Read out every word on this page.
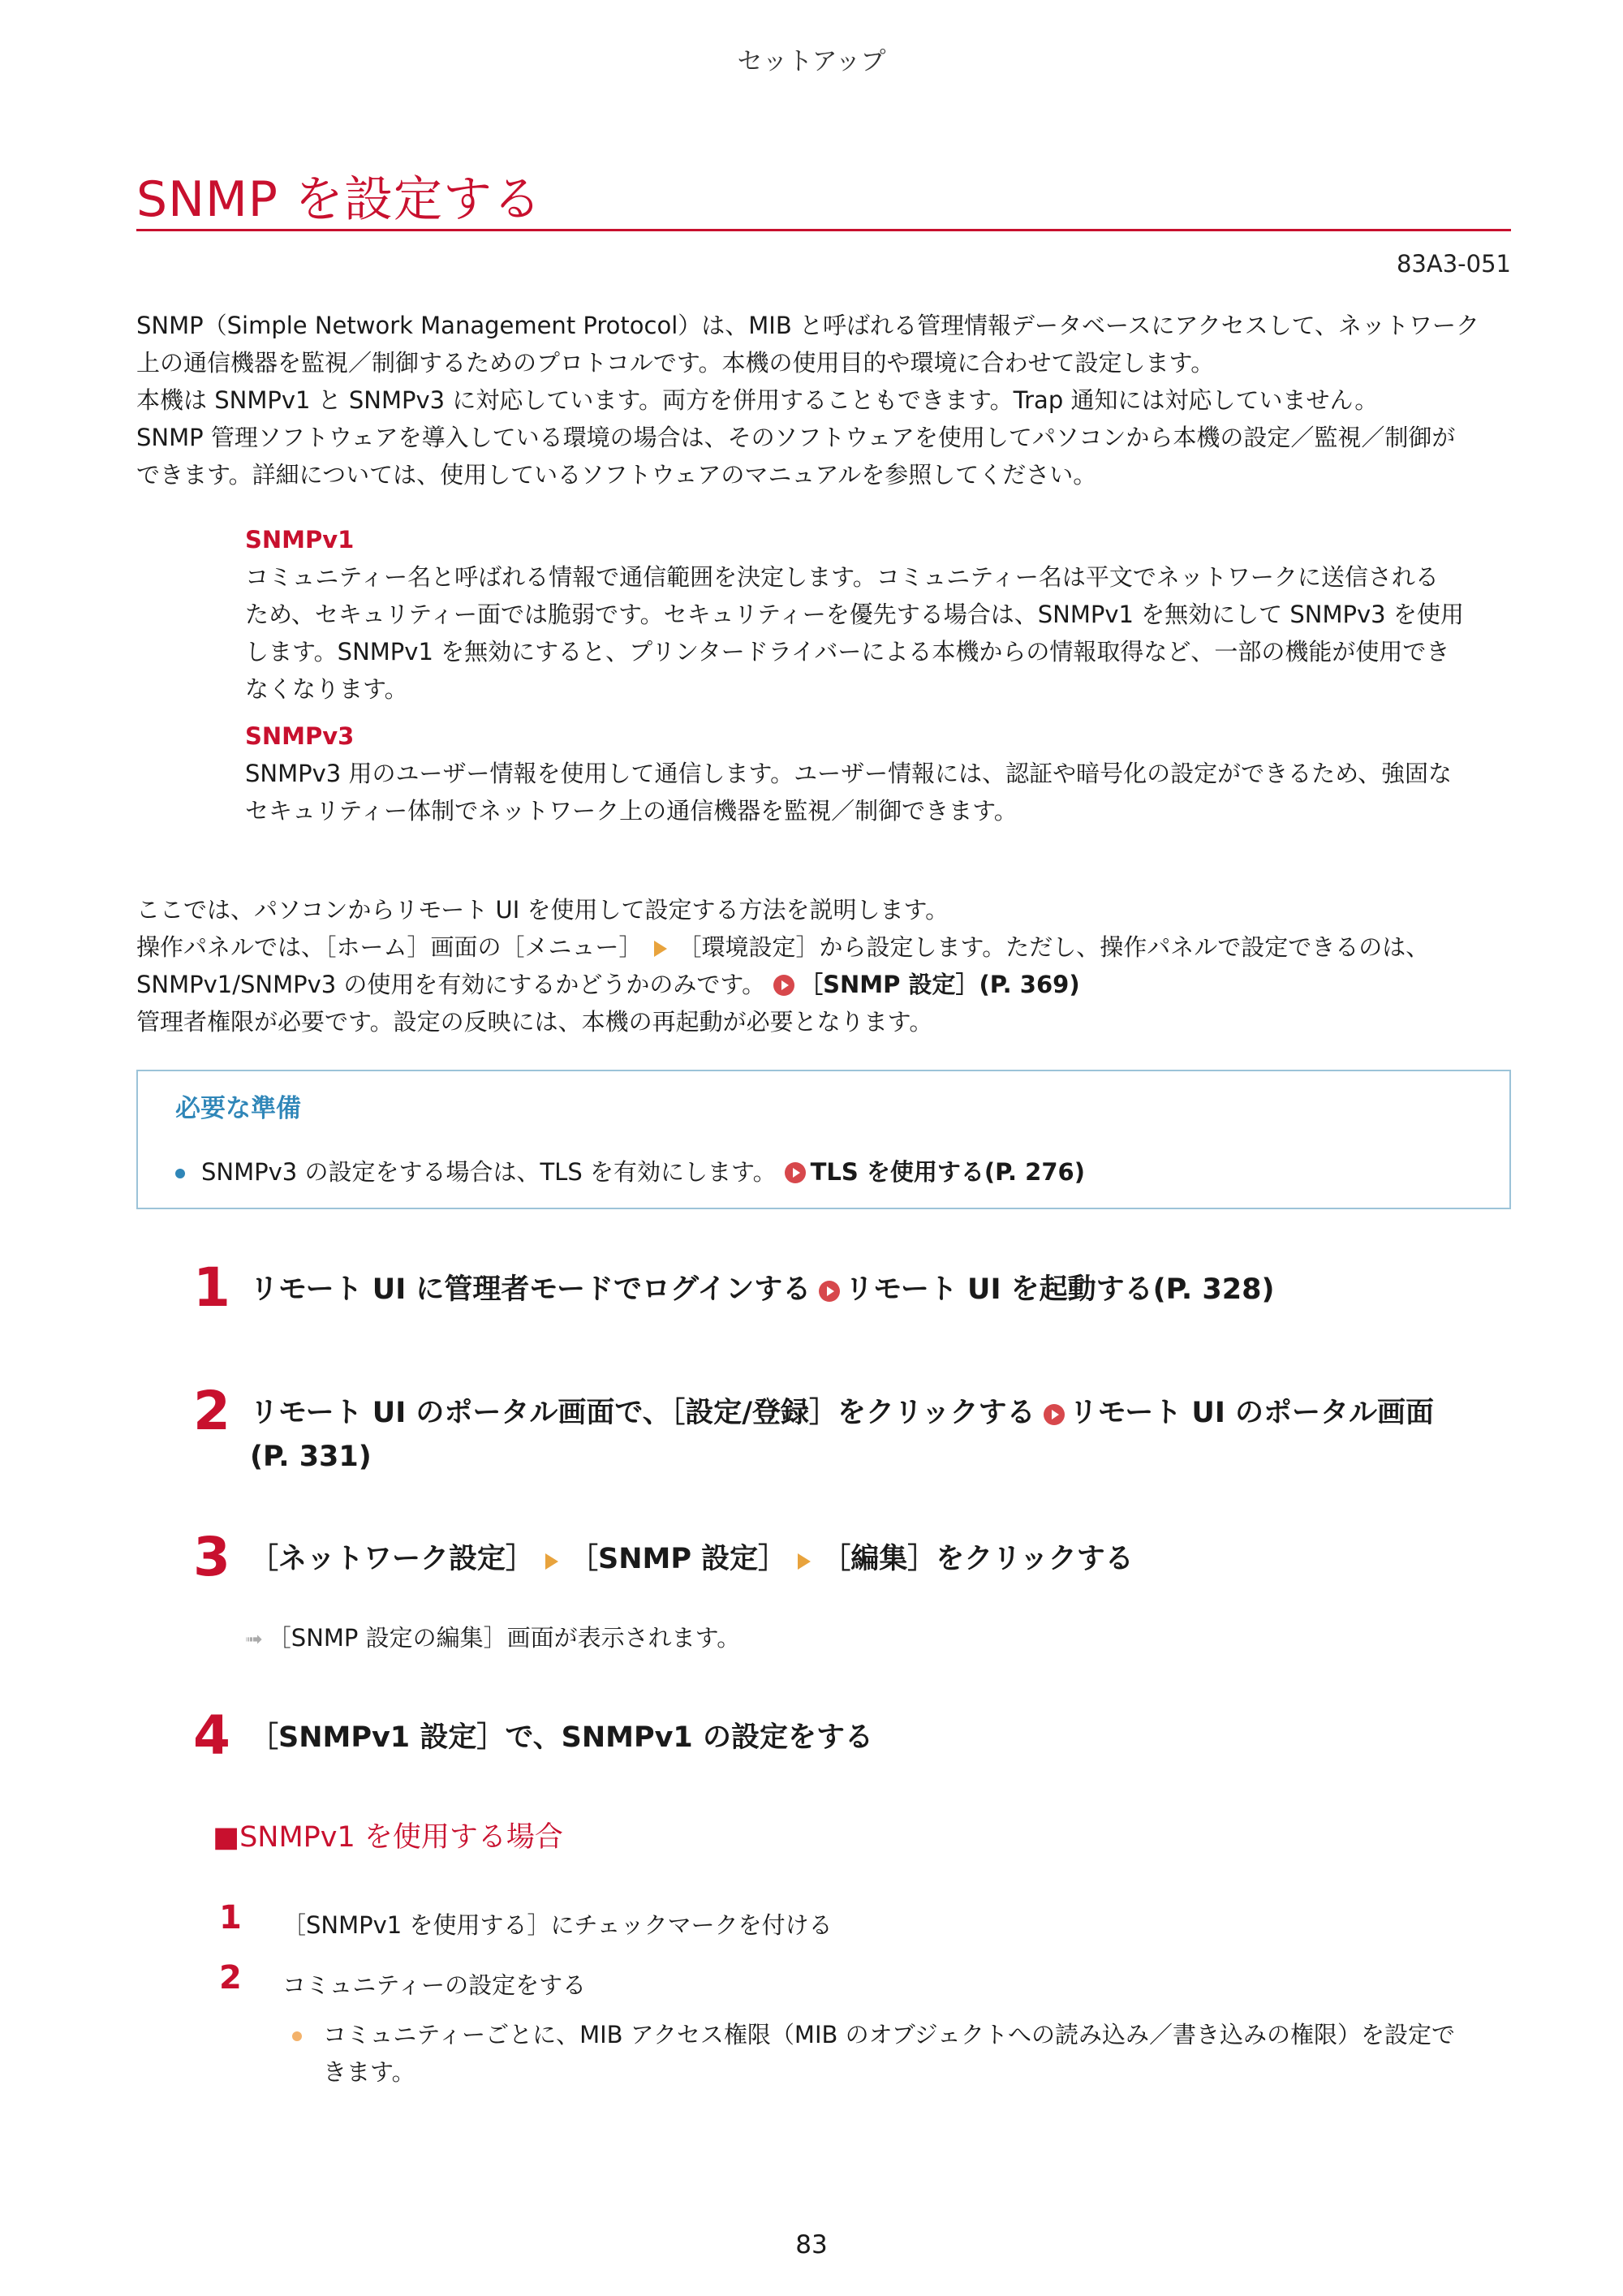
セットアップ
SNMP を設定する
83A3-051

SNMP（Simple Network Management Protocol）は、MIB と呼ばれる管理情報データベースにアクセスして、ネットワーク

上の通信機器を監視／制御するためのプロトコルです。本機の使用目的や環境に合わせて設定します。

本機は SNMPv1 と SNMPv3 に対応しています。両方を併用することもできます。Trap 通知には対応していません。

SNMP 管理ソフトウェアを導入している環境の場合は、そのソフトウェアを使用してパソコンから本機の設定／監視／制御が

できます。詳細については、使用しているソフトウェアのマニュアルを参照してください。

SNMPv1

コミュニティー名と呼ばれる情報で通信範囲を決定します。コミュニティー名は平文でネットワークに送信される

ため、セキュリティー面では脆弱です。セキュリティーを優先する場合は、SNMPv1 を無効にして SNMPv3 を使用

します。SNMPv1 を無効にすると、プリンタードライバーによる本機からの情報取得など、一部の機能が使用でき

なくなります。

SNMPv3

SNMPv3 用のユーザー情報を使用して通信します。ユーザー情報には、認証や暗号化の設定ができるため、強固な

セキュリティー体制でネットワーク上の通信機器を監視／制御できます。

ここでは、パソコンからリモート UI を使用して設定する方法を説明します。

操作パネルでは、［ホーム］画面の［メニュー］ ［環境設定］から設定します。ただし、操作パネルで設定できるのは、

SNMPv1/SNMPv3 の使用を有効にするかどうかのみです。 ［SNMP 設定］(P. 369)

管理者権限が必要です。設定の反映には、本機の再起動が必要となります。

必要な準備
SNMPv3 の設定をする場合は、TLS を有効にします。 TLS を使用する(P. 276)
1 リモート UI に管理者モードでログインする リモート UI を起動する(P. 328)
2 リモート UI のポータル画面で、［設定/登録］をクリックする リモート UI のポータル画面
(P. 331)
3 ［ネットワーク設定］ ［SNMP 設定］ ［編集］をクリックする
➟ ［SNMP 設定の編集］画面が表示されます。
4 ［SNMPv1 設定］で、SNMPv1 の設定をする
■SNMPv1 を使用する場合
1 ［SNMPv1 を使用する］にチェックマークを付ける
2 コミュニティーの設定をする
コミュニティーごとに、MIB アクセス権限（MIB のオブジェクトへの読み込み／書き込みの権限）を設定で
きます。
83
